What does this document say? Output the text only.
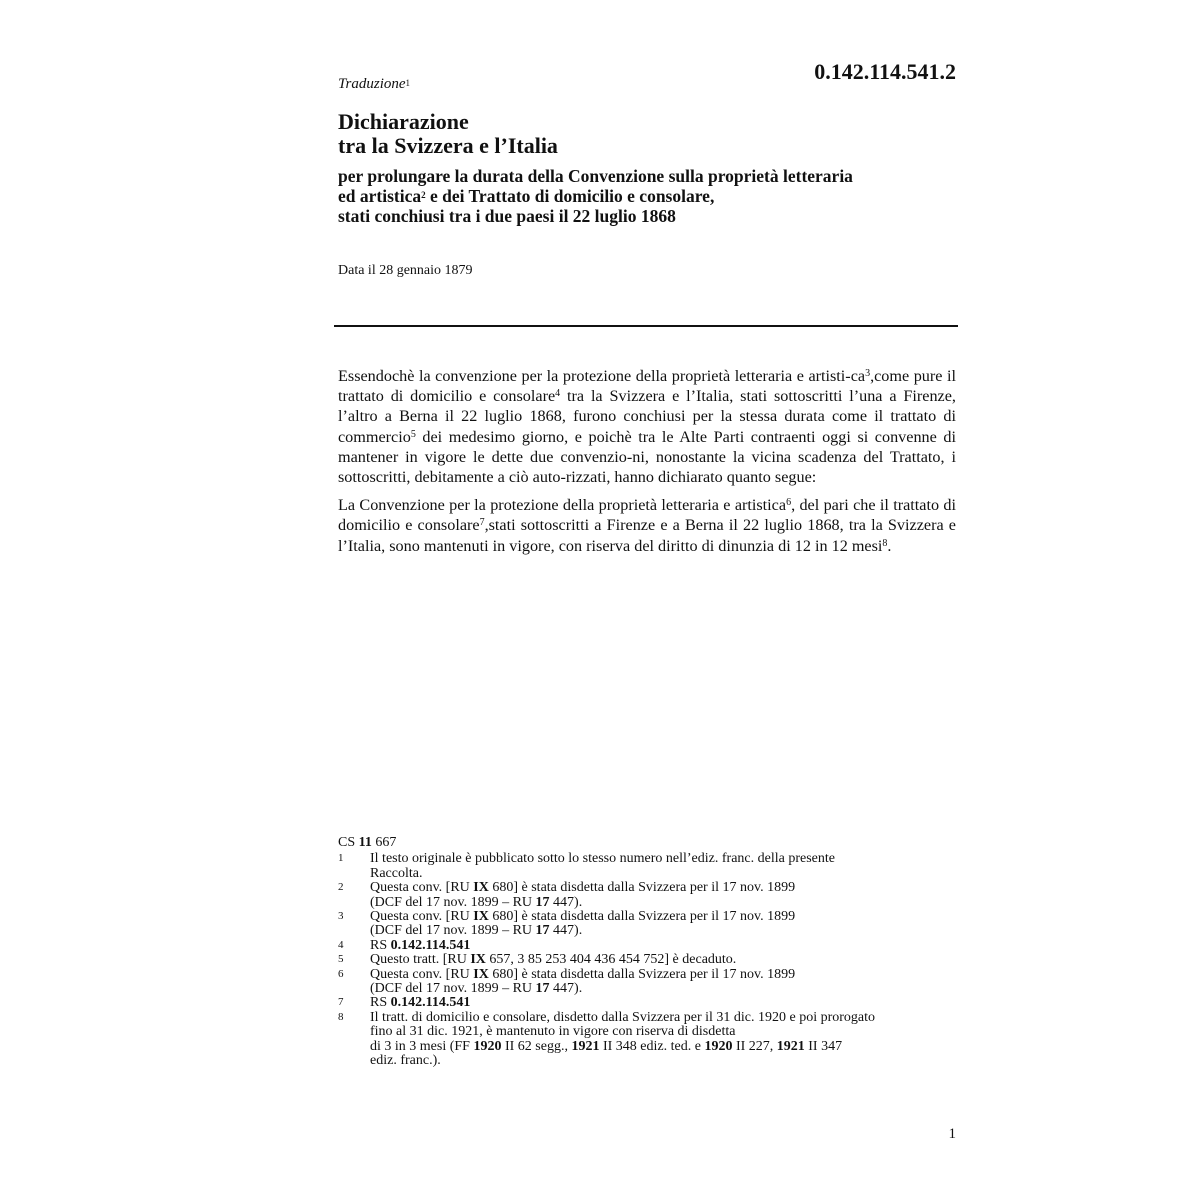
Traduzione$^1$	0.142.114.541.2
Dichiarazione
tra la Svizzera e l’Italia
per prolungare la durata della Convenzione sulla proprietà letteraria
ed artistica$^2$ e dei Trattato di domicilio e consolare,
stati conchiusi tra i due paesi il 22 luglio 1868
Data il 28 gennaio 1879

Essendochè la convenzione per la protezione della proprietà letteraria e artisti-$ca^3,come$ pure il trattato di domicilio e consolare$^4$ tra la Svizzera e l’Italia, stati sottoscritti l’una a Firenze, l’altro a Berna il 22 luglio 1868, furono conchiusi per la stessa durata come il trattato di commercio$^5$ dei medesimo giorno, e poichè tra le Alte Parti contraenti oggi si convenne di mantener in vigore le dette due convenzio-ni, nonostante la vicina scadenza del Trattato, i sottoscritti, debitamente a ciò auto-rizzati, hanno dichiarato quanto segue:

La Convenzione per la protezione della proprietà letteraria e artistica$^6$, del pari che il trattato di domicilio e consolare$^7$,stati sottoscritti a Firenze e a Berna il 22 luglio 1868, tra la Svizzera e l’Italia, sono mantenuti in vigore, con riserva del diritto di dinunzia di 12 in 12 mesi$^8$.

CS 11 667
1 Il testo originale è pubblicato sotto lo stesso numero nell’ediz. franc. della presente
Raccolta.
2 Questa conv. [RU IX 680] è stata disdetta dalla Svizzera per il 17 nov. 1899
(DCF del 17 nov. 1899 – RU 17 447).
3 Questa conv. [RU IX 680] è stata disdetta dalla Svizzera per il 17 nov. 1899
(DCF del 17 nov. 1899 – RU 17 447).
4 RS 0.142.114.541
5 Questo tratt. [RU IX 657, 3 85 253 404 436 454 752] è decaduto.
6 Questa conv. [RU IX 680] è stata disdetta dalla Svizzera per il 17 nov. 1899
(DCF del 17 nov. 1899 – RU 17 447).
7 RS 0.142.114.541
8 Il tratt. di domicilio e consolare, disdetto dalla Svizzera per il 31 dic. 1920 e poi prorogato
fino al 31 dic. 1921, è mantenuto in vigore con riserva di disdetta
di 3 in 3 mesi (FF 1920 II 62 segg., 1921 II 348 ediz. ted. e 1920 II 227, 1921 II 347
ediz. franc.).
1
